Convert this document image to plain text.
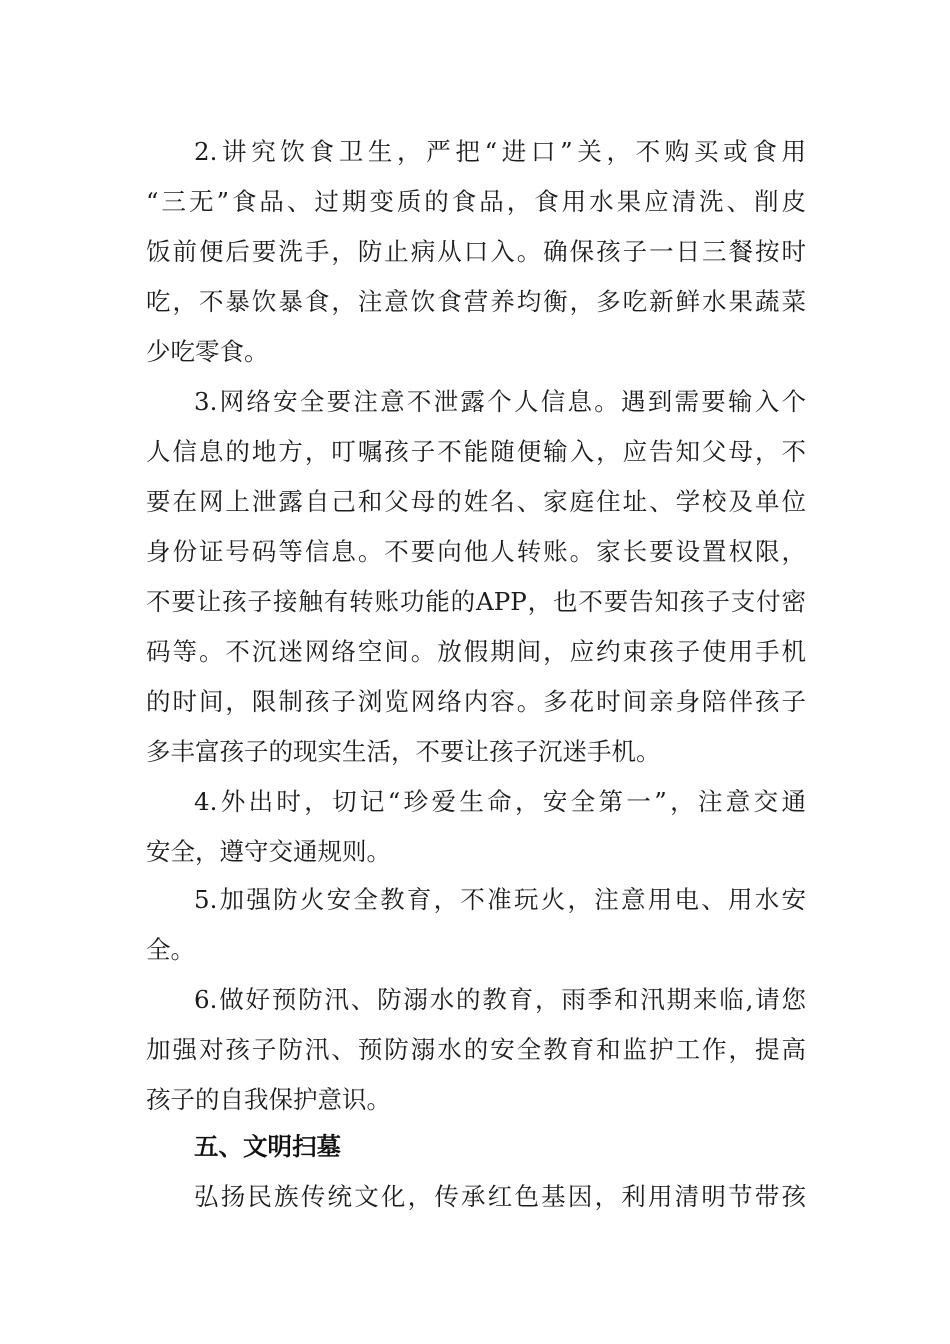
2.讲究饮食卫生，严把“进口”关，不购买或食用
“三无”食品、过期变质的食品，食用水果应清洗、削皮
饭前便后要洗手，防止病从口入。确保孩子一日三餐按时
吃，不暴饮暴食，注意饮食营养均衡，多吃新鲜水果蔬菜
少吃零食。
3.网络安全要注意不泄露个人信息。遇到需要输入个
人信息的地方，叮嘱孩子不能随便输入，应告知父母，不
要在网上泄露自己和父母的姓名、家庭住址、学校及单位
身份证号码等信息。不要向他人转账。家长要设置权限，
不要让孩子接触有转账功能的APP，也不要告知孩子支付密
码等。不沉迷网络空间。放假期间，应约束孩子使用手机
的时间，限制孩子浏览网络内容。多花时间亲身陪伴孩子
多丰富孩子的现实生活，不要让孩子沉迷手机。
4.外出时，切记“珍爱生命，安全第一”，注意交通
安全，遵守交通规则。
5.加强防火安全教育，不准玩火，注意用电、用水安
全。
6.做好预防汛、防溺水的教育，雨季和汛期来临,请您
加强对孩子防汛、预防溺水的安全教育和监护工作，提高
孩子的自我保护意识。
五、文明扫墓
弘扬民族传统文化，传承红色基因，利用清明节带孩
